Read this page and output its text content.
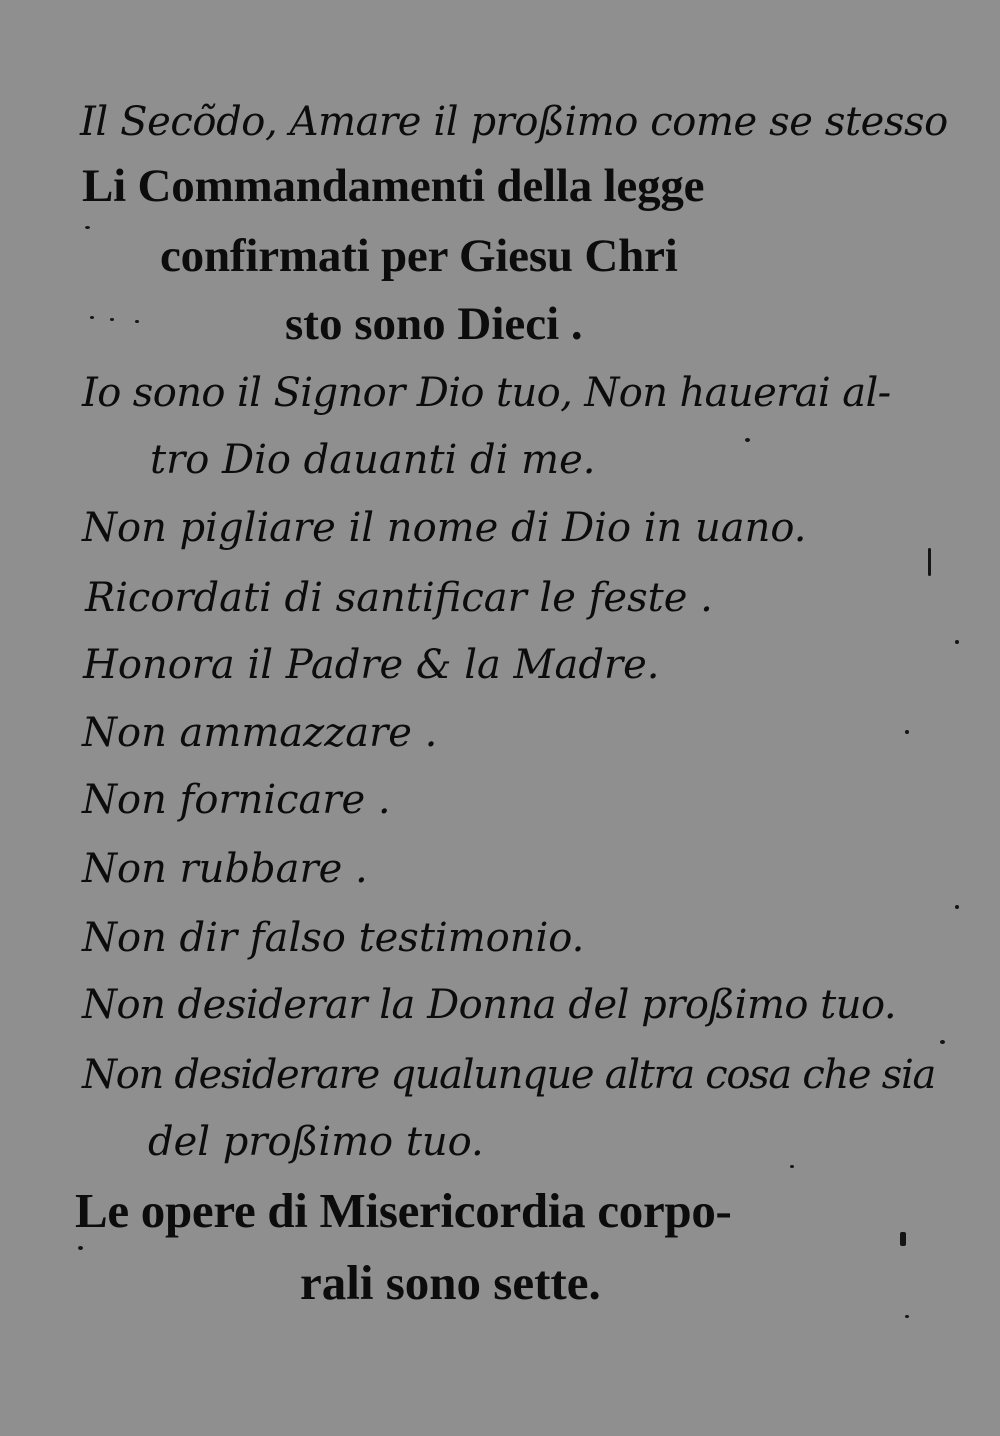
Il Secõdo, Amare il proßimo come se stesso
Li Commandamenti della legge
confirmati per Giesu Chri
sto sono Dieci .
Io sono il Signor Dio tuo, Non hauerai al-
tro Dio dauanti di me.
Non pigliare il nome di Dio in uano.
Ricordati di santificar le feste .
Honora il Padre & la Madre.
Non ammazzare .
Non fornicare .
Non rubbare .
Non dir falso testimonio.
Non desiderar la Donna del proßimo tuo.
Non desiderare qualunque altra cosa che sia
del proßimo tuo.
Le opere di Misericordia corpo-
rali sono sette.
